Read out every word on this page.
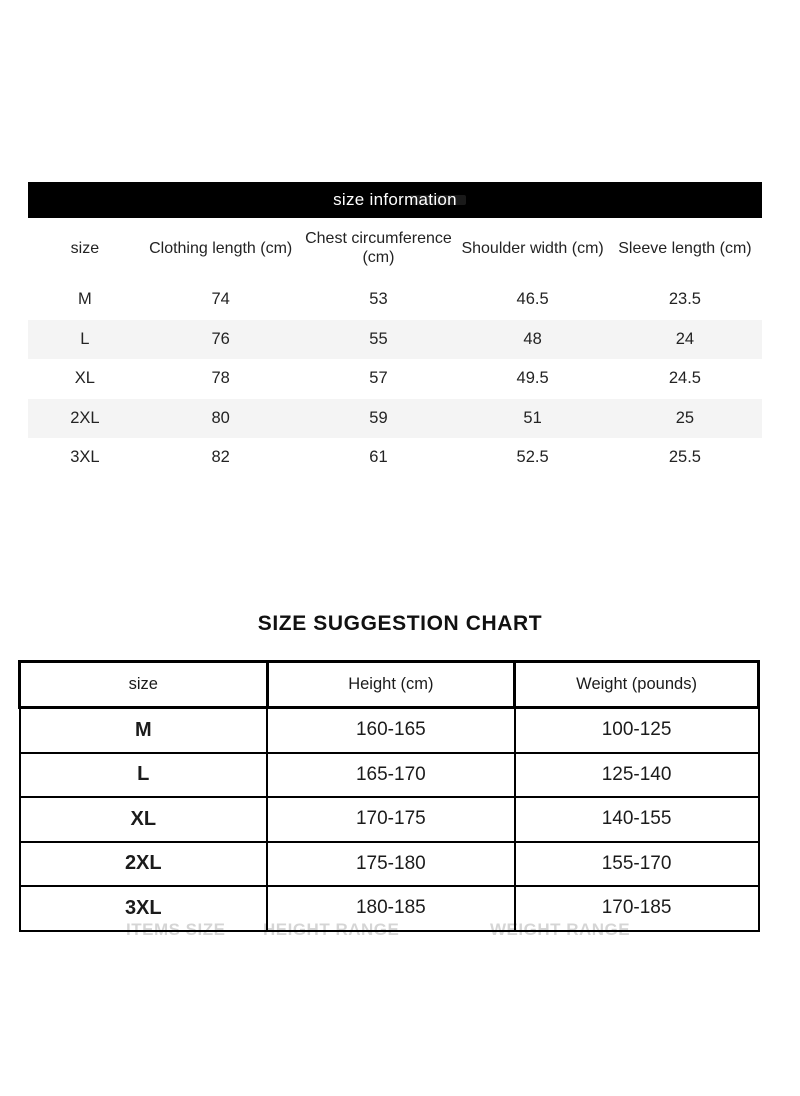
size information
size	Clothing length (cm)	Chest circumference (cm)	Shoulder width (cm)	Sleeve length (cm)
M	74	53	46.5	23.5
L	76	55	48	24
XL	78	57	49.5	24.5
2XL	80	59	51	25
3XL	82	61	52.5	25.5
SIZE SUGGESTION CHART
size	Height (cm)	Weight (pounds)
M	160-165	100-125
L	165-170	125-140
XL	170-175	140-155
2XL	175-180	155-170
3XL	180-185	170-185
ITEMS SIZE HEIGHT RANGE	WEIGHT RANGE
